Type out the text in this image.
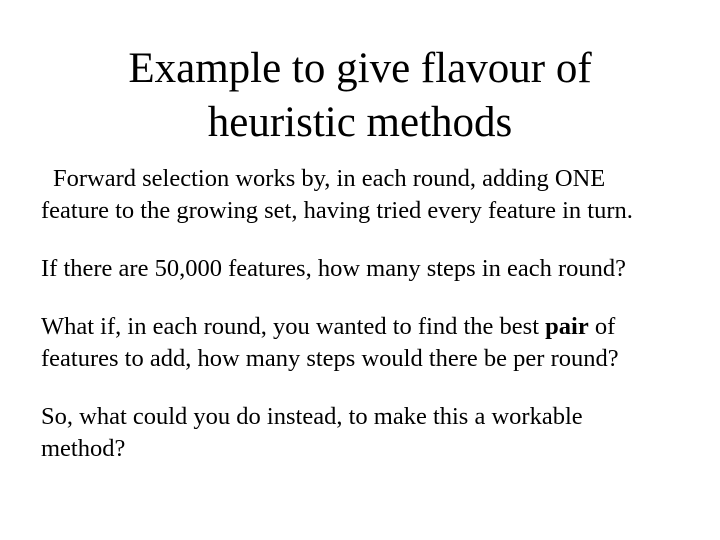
Example to give flavour of
heuristic methods
Forward selection works by, in each round, adding ONE
feature to the growing set, having tried every feature in turn.
If there are 50,000 features, how many steps in each round?
What if, in each round, you wanted to find the best pair of
features to add, how many steps would there be per round?
So, what could you do instead, to make this a workable
method?
